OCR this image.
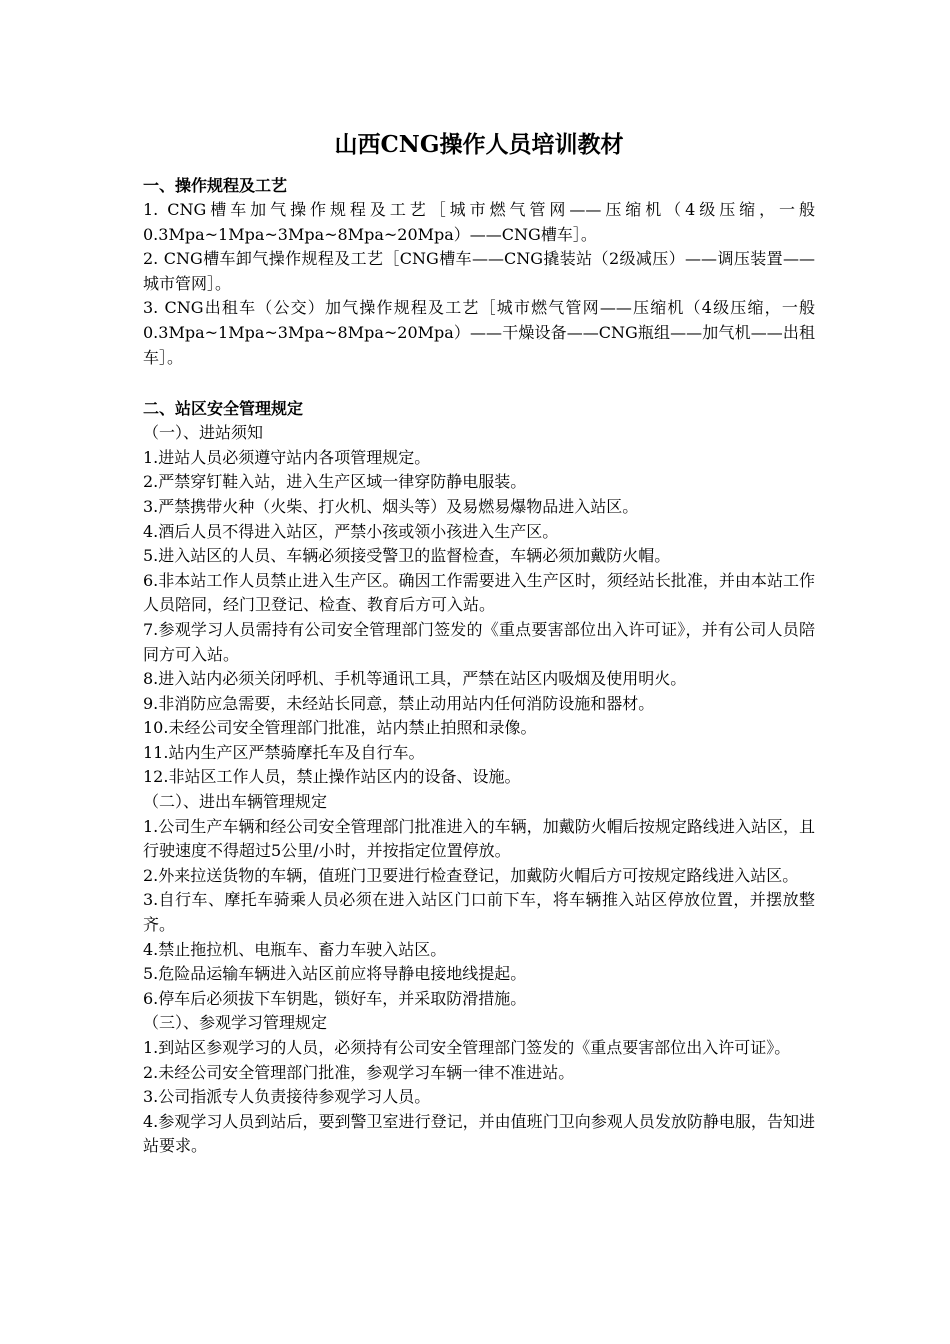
山西CNG操作人员培训教材
一、操作规程及工艺
1. CNG槽车加气操作规程及工艺［城市燃气管网——压缩机（4级压缩，一般0.3Mpa~1Mpa~3Mpa~8Mpa~20Mpa）——CNG槽车］。
2. CNG槽车卸气操作规程及工艺［CNG槽车——CNG撬装站（2级减压）——调压装置——城市管网］。
3. CNG出租车（公交）加气操作规程及工艺［城市燃气管网——压缩机（4级压缩，一般0.3Mpa~1Mpa~3Mpa~8Mpa~20Mpa）——干燥设备——CNG瓶组——加气机——出租车］。
二、站区安全管理规定
（一）、进站须知
1.进站人员必须遵守站内各项管理规定。
2.严禁穿钉鞋入站，进入生产区域一律穿防静电服装。
3.严禁携带火种（火柴、打火机、烟头等）及易燃易爆物品进入站区。
4.酒后人员不得进入站区，严禁小孩或领小孩进入生产区。
5.进入站区的人员、车辆必须接受警卫的监督检查，车辆必须加戴防火帽。
6.非本站工作人员禁止进入生产区。确因工作需要进入生产区时，须经站长批准，并由本站工作人员陪同，经门卫登记、检查、教育后方可入站。
7.参观学习人员需持有公司安全管理部门签发的《重点要害部位出入许可证》，并有公司人员陪同方可入站。
8.进入站内必须关闭呼机、手机等通讯工具，严禁在站区内吸烟及使用明火。
9.非消防应急需要，未经站长同意，禁止动用站内任何消防设施和器材。
10.未经公司安全管理部门批准，站内禁止拍照和录像。
11.站内生产区严禁骑摩托车及自行车。
12.非站区工作人员，禁止操作站区内的设备、设施。
（二）、进出车辆管理规定
1.公司生产车辆和经公司安全管理部门批准进入的车辆，加戴防火帽后按规定路线进入站区，且行驶速度不得超过5公里/小时，并按指定位置停放。
2.外来拉送货物的车辆，值班门卫要进行检查登记，加戴防火帽后方可按规定路线进入站区。
3.自行车、摩托车骑乘人员必须在进入站区门口前下车，将车辆推入站区停放位置，并摆放整齐。
4.禁止拖拉机、电瓶车、畜力车驶入站区。
5.危险品运输车辆进入站区前应将导静电接地线提起。
6.停车后必须拔下车钥匙，锁好车，并采取防滑措施。
（三）、参观学习管理规定
1.到站区参观学习的人员，必须持有公司安全管理部门签发的《重点要害部位出入许可证》。
2.未经公司安全管理部门批准，参观学习车辆一律不准进站。
3.公司指派专人负责接待参观学习人员。
4.参观学习人员到站后，要到警卫室进行登记，并由值班门卫向参观人员发放防静电服，告知进站要求。
